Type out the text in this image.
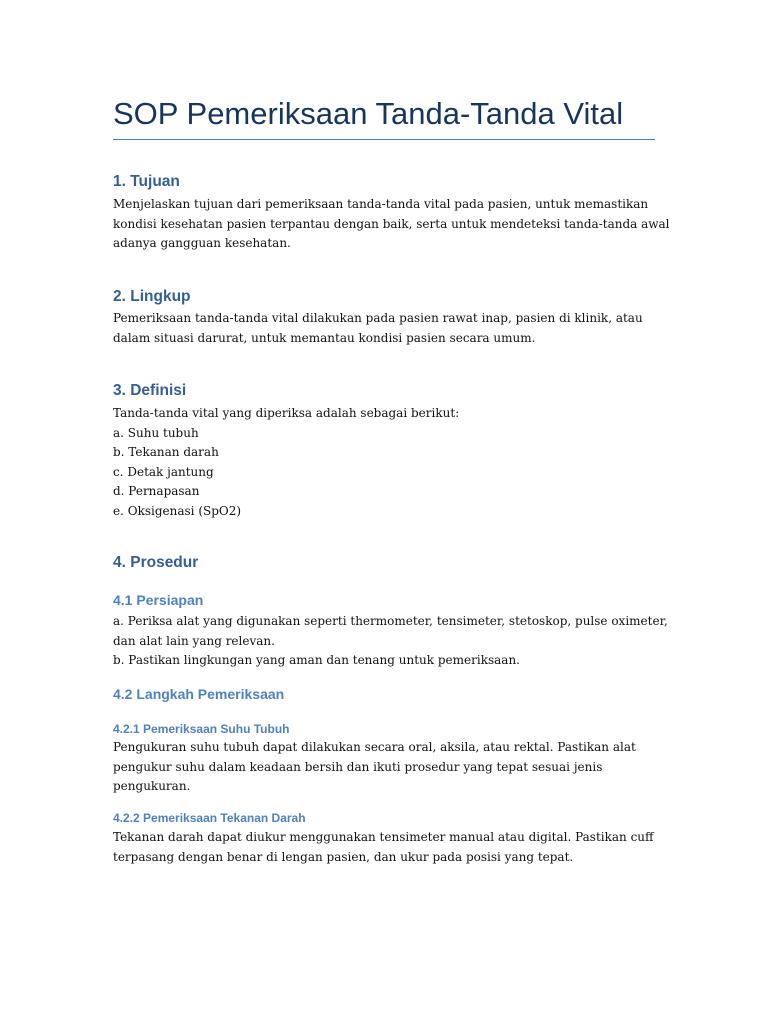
SOP Pemeriksaan Tanda-Tanda Vital
1. Tujuan
Menjelaskan tujuan dari pemeriksaan tanda-tanda vital pada pasien, untuk memastikan
kondisi kesehatan pasien terpantau dengan baik, serta untuk mendeteksi tanda-tanda awal
adanya gangguan kesehatan.
2. Lingkup
Pemeriksaan tanda-tanda vital dilakukan pada pasien rawat inap, pasien di klinik, atau
dalam situasi darurat, untuk memantau kondisi pasien secara umum.
3. Definisi
Tanda-tanda vital yang diperiksa adalah sebagai berikut:
a. Suhu tubuh
b. Tekanan darah
c. Detak jantung
d. Pernapasan
e. Oksigenasi (SpO2)
4. Prosedur
4.1 Persiapan
a. Periksa alat yang digunakan seperti thermometer, tensimeter, stetoskop, pulse oximeter,
dan alat lain yang relevan.
b. Pastikan lingkungan yang aman dan tenang untuk pemeriksaan.
4.2 Langkah Pemeriksaan
4.2.1 Pemeriksaan Suhu Tubuh
Pengukuran suhu tubuh dapat dilakukan secara oral, aksila, atau rektal. Pastikan alat
pengukur suhu dalam keadaan bersih dan ikuti prosedur yang tepat sesuai jenis
pengukuran.
4.2.2 Pemeriksaan Tekanan Darah
Tekanan darah dapat diukur menggunakan tensimeter manual atau digital. Pastikan cuff
terpasang dengan benar di lengan pasien, dan ukur pada posisi yang tepat.
